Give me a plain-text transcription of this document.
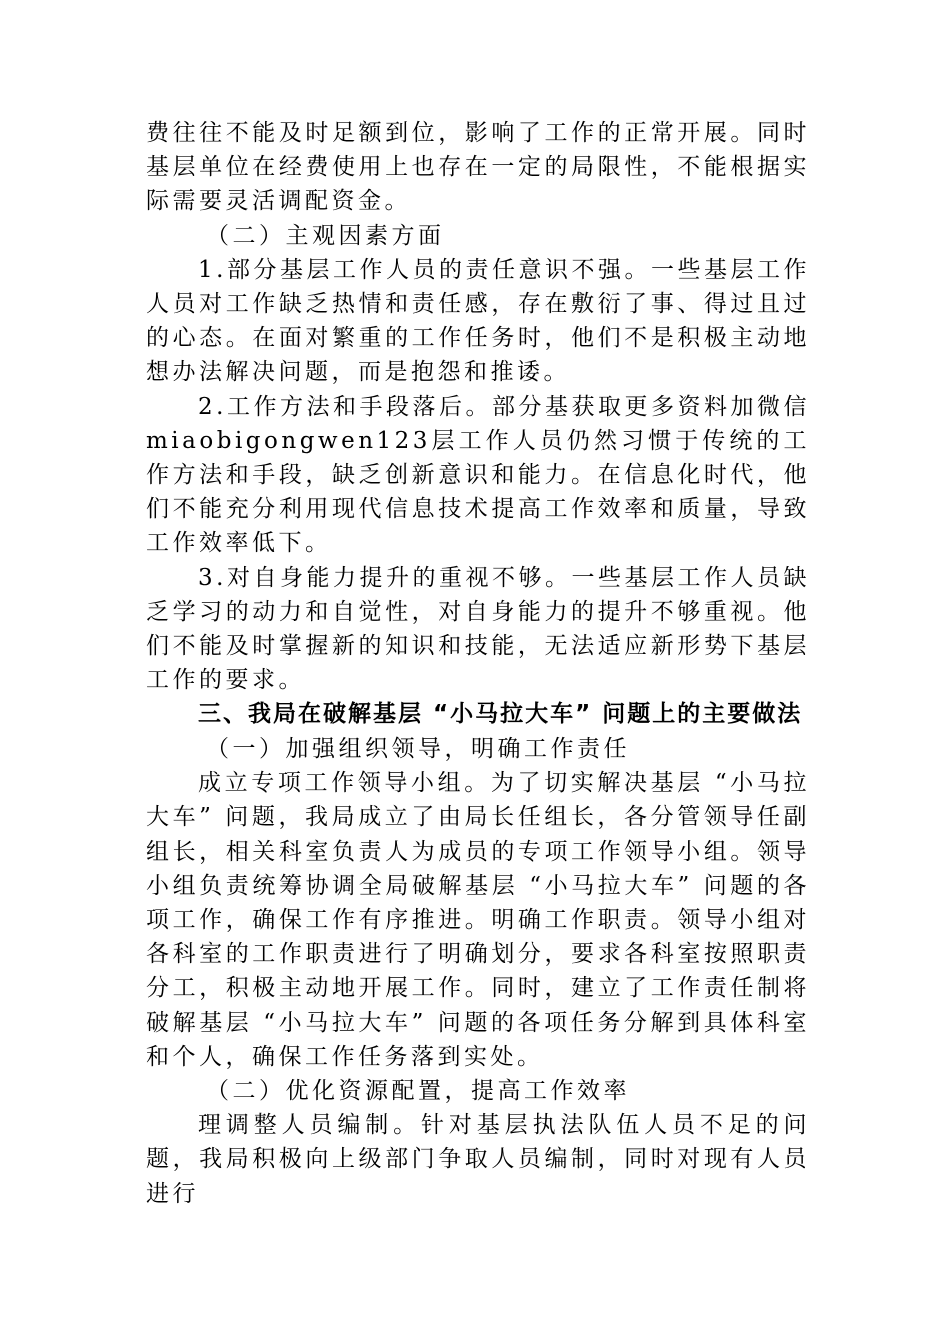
费往往不能及时足额到位，影响了工作的正常开展。同时基层单位在经费使用上也存在一定的局限性，不能根据实际需要灵活调配资金。

（二）主观因素方面

1.部分基层工作人员的责任意识不强。一些基层工作人员对工作缺乏热情和责任感，存在敷衍了事、得过且过的心态。在面对繁重的工作任务时，他们不是积极主动地想办法解决问题，而是抱怨和推诿。

2.工作方法和手段落后。部分基获取更多资料加微信miaobigongwen123层工作人员仍然习惯于传统的工作方法和手段，缺乏创新意识和能力。在信息化时代，他们不能充分利用现代信息技术提高工作效率和质量，导致工作效率低下。

3.对自身能力提升的重视不够。一些基层工作人员缺乏学习的动力和自觉性，对自身能力的提升不够重视。他们不能及时掌握新的知识和技能，无法适应新形势下基层工作的要求。

三、我局在破解基层 “小马拉大车” 问题上的主要做法

（一）加强组织领导，明确工作责任

成立专项工作领导小组。为了切实解决基层 “小马拉大车” 问题，我局成立了由局长任组长，各分管领导任副组长，相关科室负责人为成员的专项工作领导小组。领导小组负责统筹协调全局破解基层 “小马拉大车” 问题的各项工作，确保工作有序推进。明确工作职责。领导小组对各科室的工作职责进行了明确划分，要求各科室按照职责分工，积极主动地开展工作。同时，建立了工作责任制将破解基层 “小马拉大车” 问题的各项任务分解到具体科室和个人，确保工作任务落到实处。

（二）优化资源配置，提高工作效率

理调整人员编制。针对基层执法队伍人员不足的问题，我局积极向上级部门争取人员编制，同时对现有人员进行
